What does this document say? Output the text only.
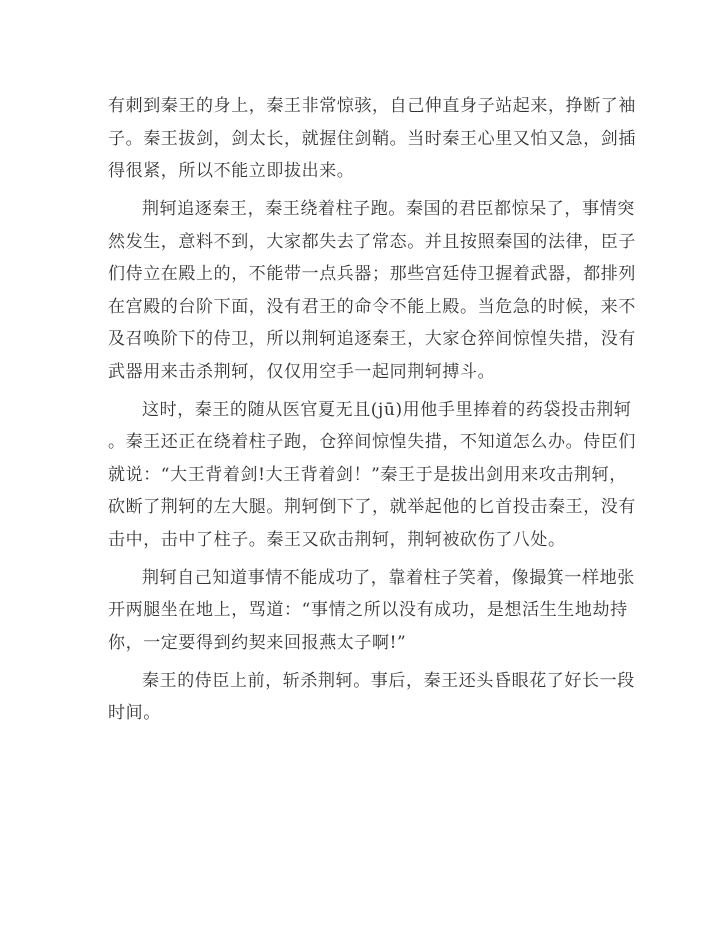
有刺到秦王的身上，秦王非常惊骇，自己伸直身子站起来，挣断了袖
子。秦王拔剑，剑太长，就握住剑鞘。当时秦王心里又怕又急，剑插
得很紧，所以不能立即拔出来。

荆轲追逐秦王，秦王绕着柱子跑。秦国的君臣都惊呆了，事情突
然发生，意料不到，大家都失去了常态。并且按照秦国的法律，臣子
们侍立在殿上的，不能带一点兵器；那些宫廷侍卫握着武器，都排列
在宫殿的台阶下面，没有君王的命令不能上殿。当危急的时候，来不
及召唤阶下的侍卫，所以荆轲追逐秦王，大家仓猝间惊惶失措，没有
武器用来击杀荆轲，仅仅用空手一起同荆轲搏斗。

这时，秦王的随从医官夏无且(jū)用他手里捧着的药袋投击荆轲
。秦王还正在绕着柱子跑，仓猝间惊惶失措，不知道怎么办。侍臣们
就说：“大王背着剑!大王背着剑！”秦王于是拔出剑用来攻击荆轲，
砍断了荆轲的左大腿。荆轲倒下了，就举起他的匕首投击秦王，没有
击中，击中了柱子。秦王又砍击荆轲，荆轲被砍伤了八处。

荆轲自己知道事情不能成功了，靠着柱子笑着，像撮箕一样地张
开两腿坐在地上，骂道：“事情之所以没有成功，是想活生生地劫持
你，一定要得到约契来回报燕太子啊!”

秦王的侍臣上前，斩杀荆轲。事后，秦王还头昏眼花了好长一段
时间。
